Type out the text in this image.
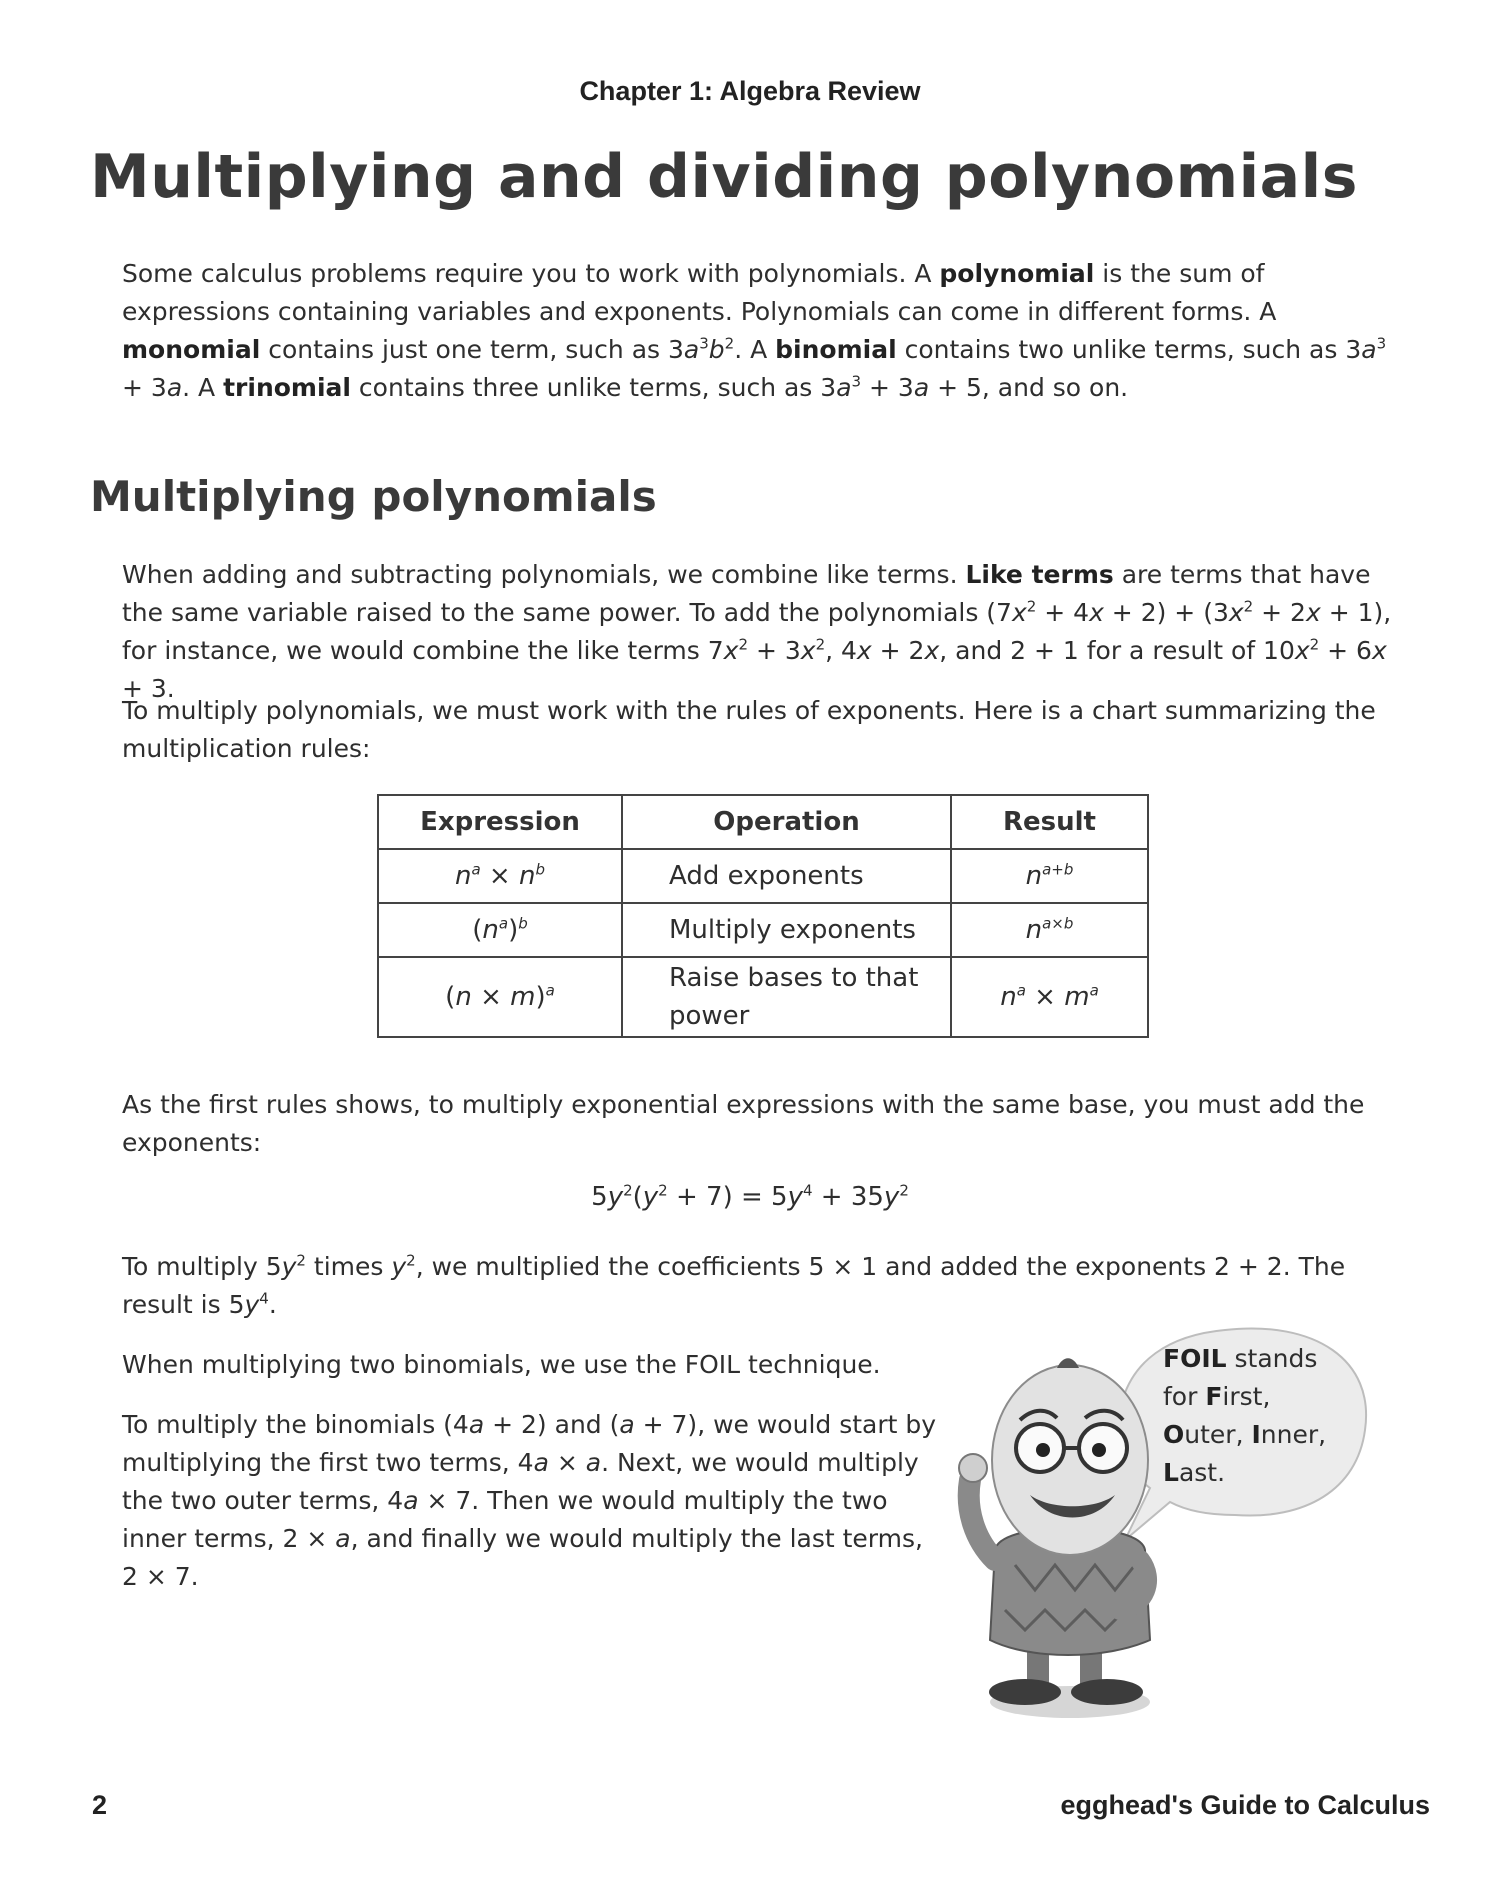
Chapter 1: Algebra Review
Multiplying and dividing polynomials
Some calculus problems require you to work with polynomials. A polynomial is the sum of expressions containing variables and exponents. Polynomials can come in different forms. A monomial contains just one term, such as $3a^3b^2$. A binomial contains two unlike terms, such as $3a^3 + 3a$. A trinomial contains three unlike terms, such as $3a^3 + 3a + 5$, and so on.
Multiplying polynomials
When adding and subtracting polynomials, we combine like terms. Like terms are terms that have the same variable raised to the same power. To add the polynomials $(7x^2 + 4x + 2) + (3x^2 + 2x + 1)$, for instance, we would combine the like terms $7x^2 + 3x^2$, 4x + 2x, and 2 + 1 for a result of $10x^2 + 6x + 3$.
To multiply polynomials, we must work with the rules of exponents. Here is a chart summarizing the multiplication rules:
Expression	Operation	Result
$n^a \times n^b$	Add exponents	$n^{a+b}$
$(n^a)^b$	Multiply exponents	$n^{a\times b}$
$(n \times m)^a$	Raise bases to that power	$n^a \times m^a$
As the first rules shows, to multiply exponential expressions with the same base, you must add the exponents:
$5y^2(y^2 + 7) = 5y^4 + 35y^2$
To multiply $5y^2$ times $y^2$, we multiplied the coefficients 5 × 1 and added the exponents 2 + 2. The result is $5y^4$.
When multiplying two binomials, we use the FOIL technique.
To multiply the binomials (4a + 2) and (a + 7), we would start by multiplying the first two terms, 4a × a. Next, we would multiply the two outer terms, 4a × 7. Then we would multiply the two inner terms, 2 × a, and finally we would multiply the last terms, 2 × 7.
FOIL stands for First, Outer, Inner, Last.
2	egghead's Guide to Calculus
